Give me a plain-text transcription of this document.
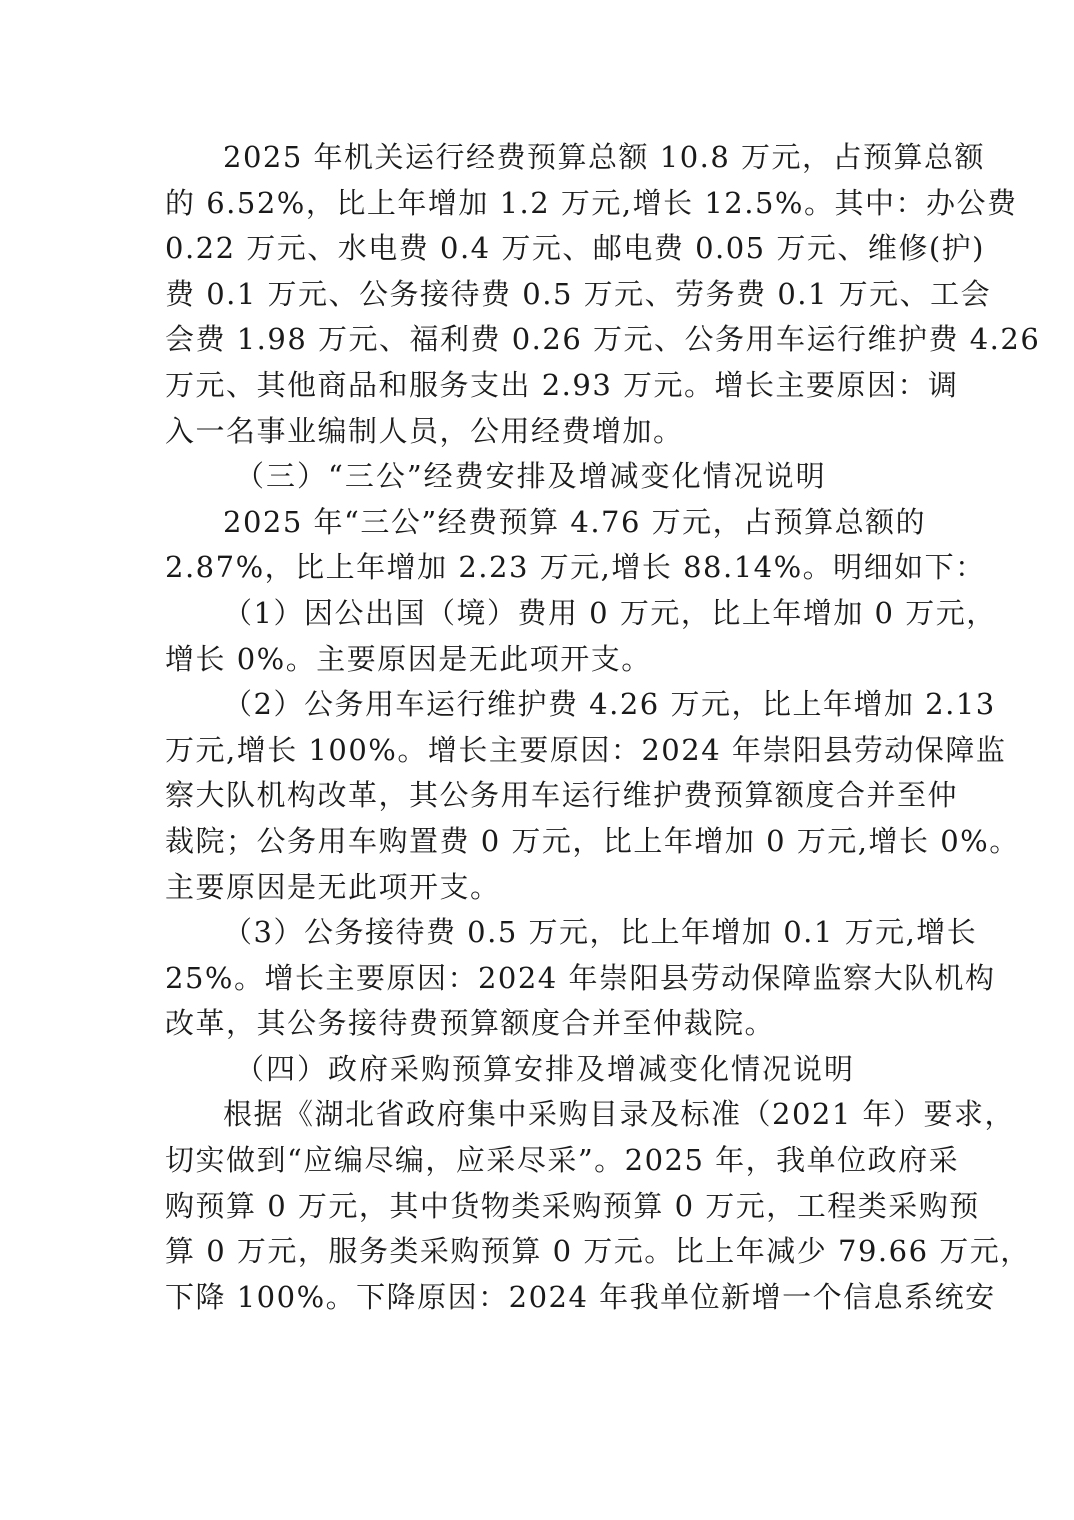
2025 年机关运行经费预算总额 10.8 万元，占预算总额
的 6.52%，比上年增加 1.2 万元,增长 12.5%。其中：办公费
0.22 万元、水电费 0.4 万元、邮电费 0.05 万元、维修(护)
费 0.1 万元、公务接待费 0.5 万元、劳务费 0.1 万元、工会
会费 1.98 万元、福利费 0.26 万元、公务用车运行维护费 4.26
万元、其他商品和服务支出 2.93 万元。增长主要原因：调
入一名事业编制人员，公用经费增加。
（三）“三公”经费安排及增减变化情况说明
2025 年“三公”经费预算 4.76 万元，占预算总额的
2.87%，比上年增加 2.23 万元,增长 88.14%。明细如下：
（1）因公出国（境）费用 0 万元，比上年增加 0 万元，
增长 0%。主要原因是无此项开支。
（2）公务用车运行维护费 4.26 万元，比上年增加 2.13
万元,增长 100%。增长主要原因：2024 年崇阳县劳动保障监
察大队机构改革，其公务用车运行维护费预算额度合并至仲
裁院；公务用车购置费 0 万元，比上年增加 0 万元,增长 0%。
主要原因是无此项开支。
（3）公务接待费 0.5 万元，比上年增加 0.1 万元,增长
25%。增长主要原因：2024 年崇阳县劳动保障监察大队机构
改革，其公务接待费预算额度合并至仲裁院。
（四）政府采购预算安排及增减变化情况说明
根据《湖北省政府集中采购目录及标准（2021 年）要求，
切实做到“应编尽编，应采尽采”。2025 年，我单位政府采
购预算 0 万元，其中货物类采购预算 0 万元，工程类采购预
算 0 万元，服务类采购预算 0 万元。比上年减少 79.66 万元，
下降 100%。下降原因：2024 年我单位新增一个信息系统安
